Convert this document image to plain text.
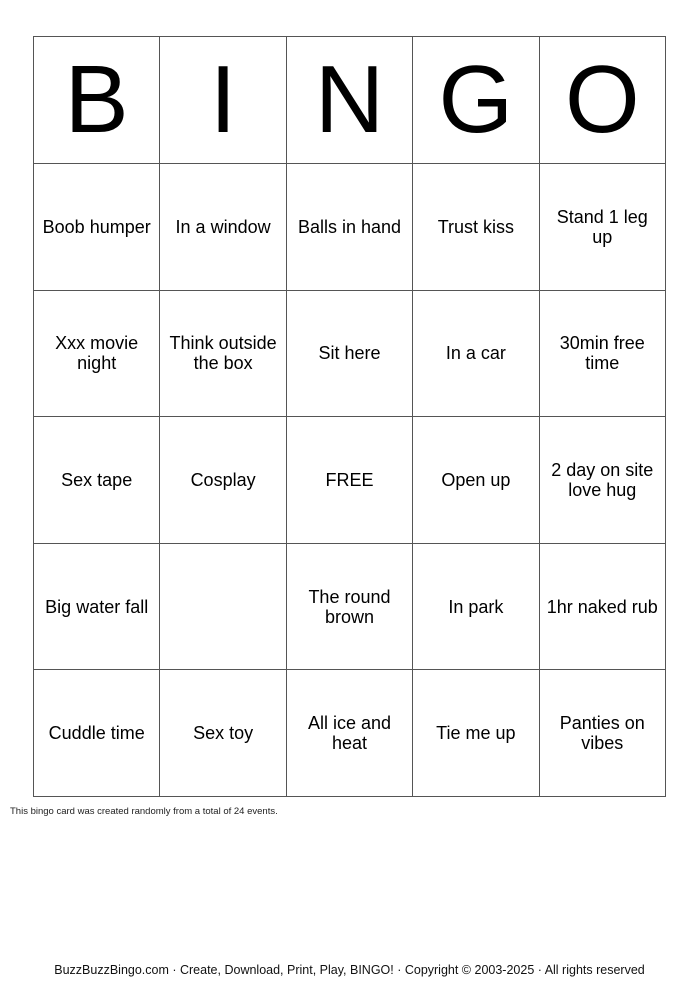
B	I	N	G	O
Boob humper	In a window	Balls in hand	Trust kiss	Stand 1 leg up
Xxx movie night	Think outside the box	Sit here	In a car	30min free time
Sex tape	Cosplay	FREE	Open up	2 day on site love hug
Big water fall		The round brown	In park	1hr naked rub
Cuddle time	Sex toy	All ice and heat	Tie me up	Panties on vibes
This bingo card was created randomly from a total of 24 events.
BuzzBuzzBingo.com · Create, Download, Print, Play, BINGO! · Copyright © 2003-2025 · All rights reserved
